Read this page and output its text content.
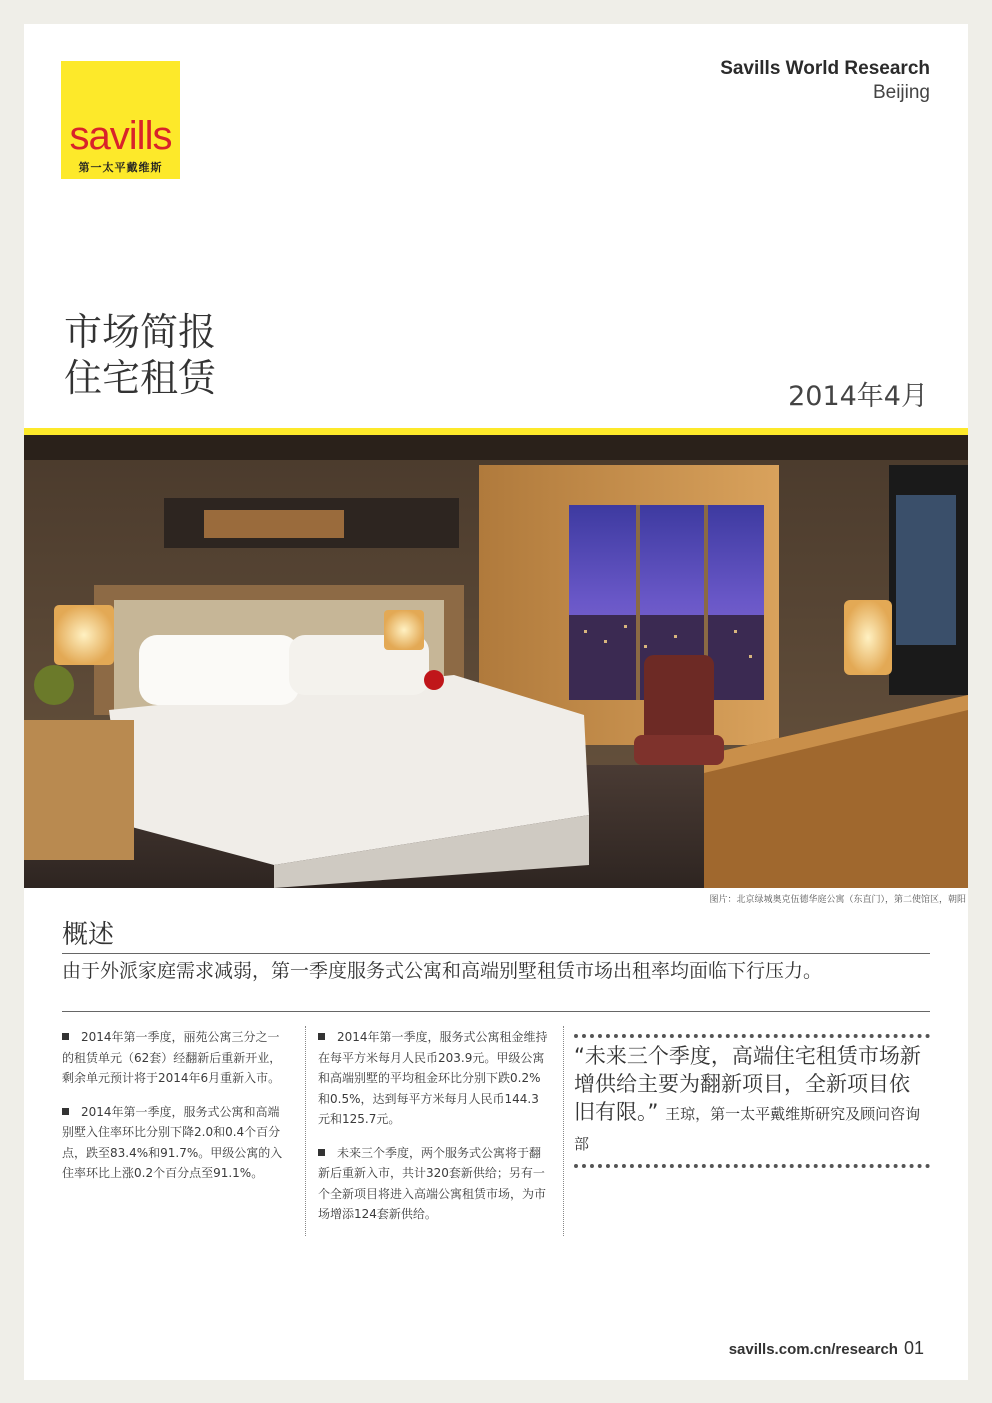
savills
第一太平戴维斯
Savills World Research
Beijing
市场简报
住宅租赁	2014年4月
图片：北京绿城奥克伍德华庭公寓（东直门），第二使馆区，朝阳
概述
由于外派家庭需求减弱，第一季度服务式公寓和高端别墅租赁市场出租率均面临下行压力。

2014年第一季度，丽苑公寓三分之一的租赁单元（62套）经翻新后重新开业，剩余单元预计将于2014年6月重新入市。

2014年第一季度，服务式公寓和高端别墅入住率环比分别下降2.0和0.4个百分点，跌至83.4%和91.7%。甲级公寓的入住率环比上涨0.2个百分点至91.1%。

2014年第一季度，服务式公寓租金维持在每平方米每月人民币203.9元。甲级公寓和高端别墅的平均租金环比分别下跌0.2%和0.5%，达到每平方米每月人民币144.3元和125.7元。

未来三个季度，两个服务式公寓将于翻新后重新入市，共计320套新供给；另有一个全新项目将进入高端公寓租赁市场，为市场增添124套新供给。

“未来三个季度，高端住宅租赁市场新增供给主要为翻新项目，全新项目依旧有限。” 王琼，第一太平戴维斯研究及顾问咨询部
savills.com.cn/research 01
